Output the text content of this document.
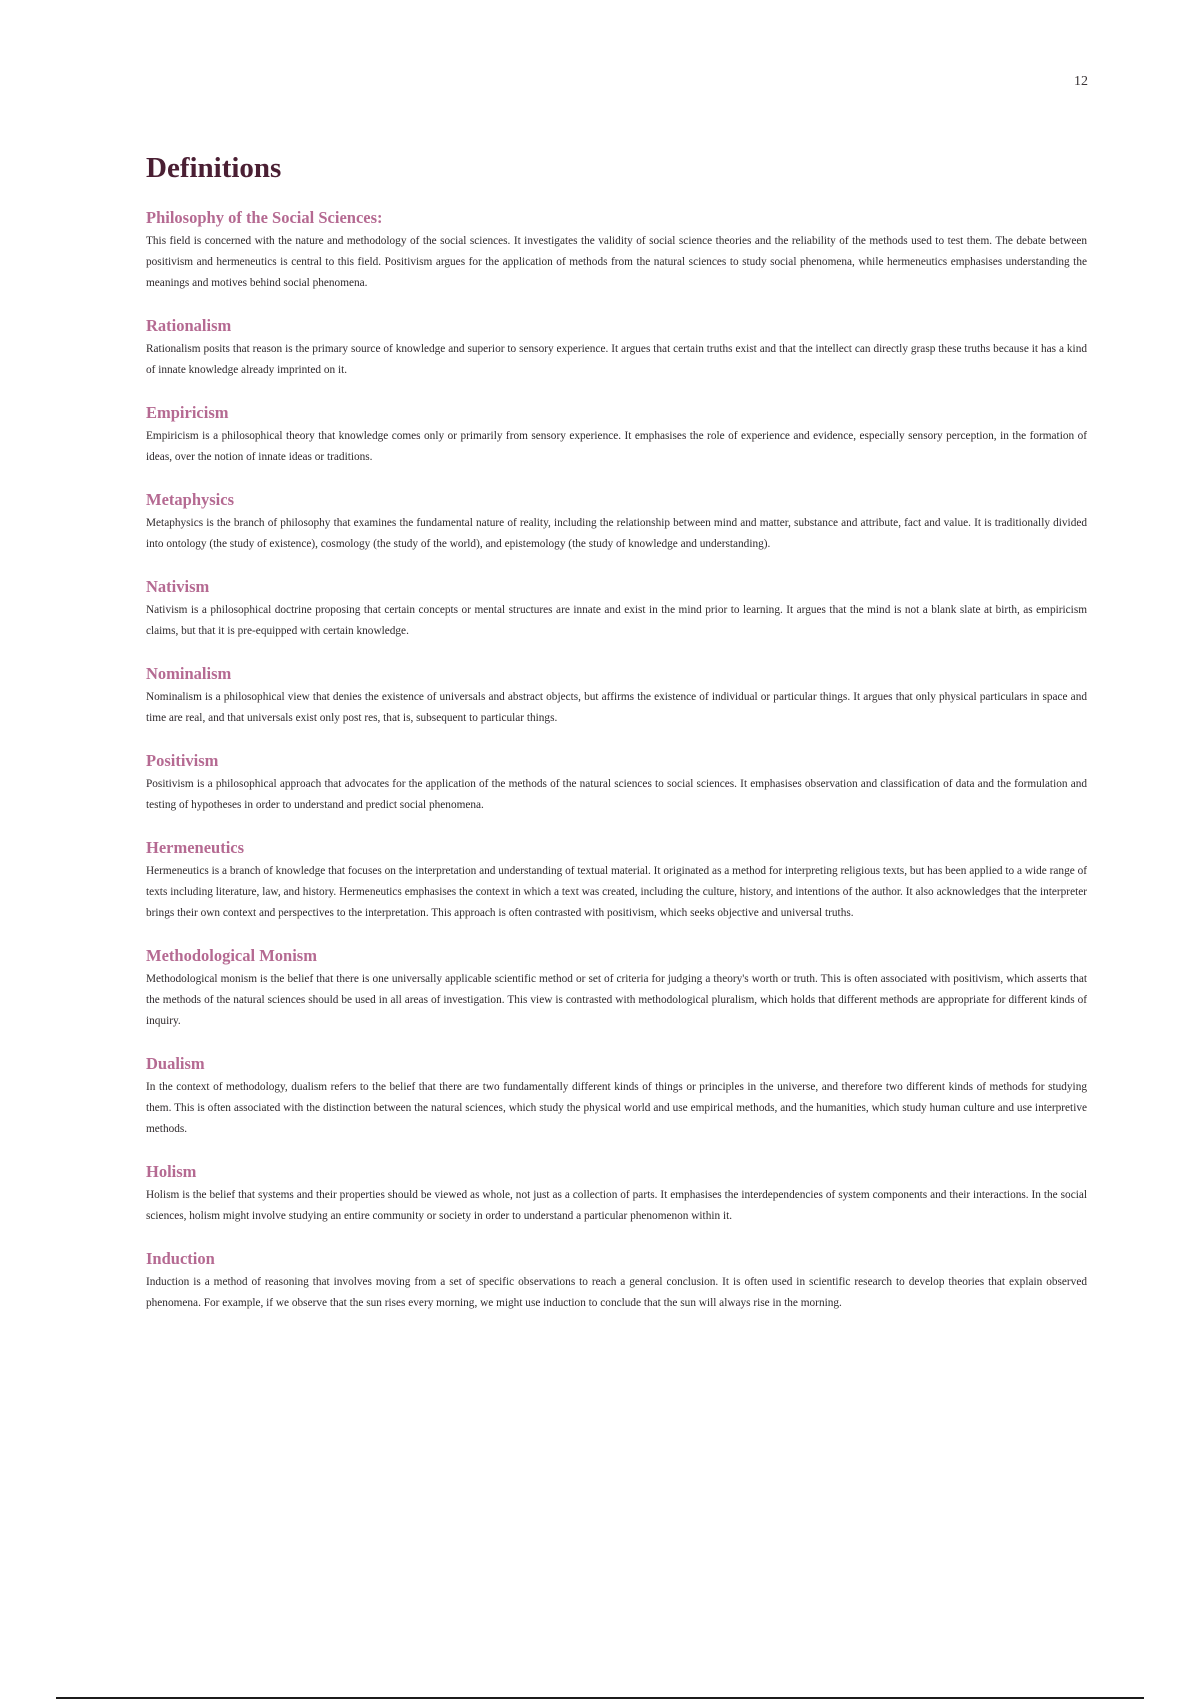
12
Definitions
Philosophy of the Social Sciences:

This field is concerned with the nature and methodology of the social sciences. It investigates the validity of social science theories and the reliability of the methods used to test them. The debate between positivism and hermeneutics is central to this field. Positivism argues for the application of methods from the natural sciences to study social phenomena, while hermeneutics emphasises understanding the meanings and motives behind social phenomena.

Rationalism

Rationalism posits that reason is the primary source of knowledge and superior to sensory experience. It argues that certain truths exist and that the intellect can directly grasp these truths because it has a kind of innate knowledge already imprinted on it.

Empiricism

Empiricism is a philosophical theory that knowledge comes only or primarily from sensory experience. It emphasises the role of experience and evidence, especially sensory perception, in the formation of ideas, over the notion of innate ideas or traditions.

Metaphysics

Metaphysics is the branch of philosophy that examines the fundamental nature of reality, including the relationship between mind and matter, substance and attribute, fact and value. It is traditionally divided into ontology (the study of existence), cosmology (the study of the world), and epistemology (the study of knowledge and understanding).

Nativism

Nativism is a philosophical doctrine proposing that certain concepts or mental structures are innate and exist in the mind prior to learning. It argues that the mind is not a blank slate at birth, as empiricism claims, but that it is pre-equipped with certain knowledge.

Nominalism

Nominalism is a philosophical view that denies the existence of universals and abstract objects, but affirms the existence of individual or particular things. It argues that only physical particulars in space and time are real, and that universals exist only post res, that is, subsequent to particular things.

Positivism

Positivism is a philosophical approach that advocates for the application of the methods of the natural sciences to social sciences. It emphasises observation and classification of data and the formulation and testing of hypotheses in order to understand and predict social phenomena.

Hermeneutics

Hermeneutics is a branch of knowledge that focuses on the interpretation and understanding of textual material. It originated as a method for interpreting religious texts, but has been applied to a wide range of texts including literature, law, and history. Hermeneutics emphasises the context in which a text was created, including the culture, history, and intentions of the author. It also acknowledges that the interpreter brings their own context and perspectives to the interpretation. This approach is often contrasted with positivism, which seeks objective and universal truths.

Methodological Monism

Methodological monism is the belief that there is one universally applicable scientific method or set of criteria for judging a theory's worth or truth. This is often associated with positivism, which asserts that the methods of the natural sciences should be used in all areas of investigation. This view is contrasted with methodological pluralism, which holds that different methods are appropriate for different kinds of inquiry.

Dualism

In the context of methodology, dualism refers to the belief that there are two fundamentally different kinds of things or principles in the universe, and therefore two different kinds of methods for studying them. This is often associated with the distinction between the natural sciences, which study the physical world and use empirical methods, and the humanities, which study human culture and use interpretive methods.

Holism

Holism is the belief that systems and their properties should be viewed as whole, not just as a collection of parts. It emphasises the interdependencies of system components and their interactions. In the social sciences, holism might involve studying an entire community or society in order to understand a particular phenomenon within it.

Induction

Induction is a method of reasoning that involves moving from a set of specific observations to reach a general conclusion. It is often used in scientific research to develop theories that explain observed phenomena. For example, if we observe that the sun rises every morning, we might use induction to conclude that the sun will always rise in the morning.
